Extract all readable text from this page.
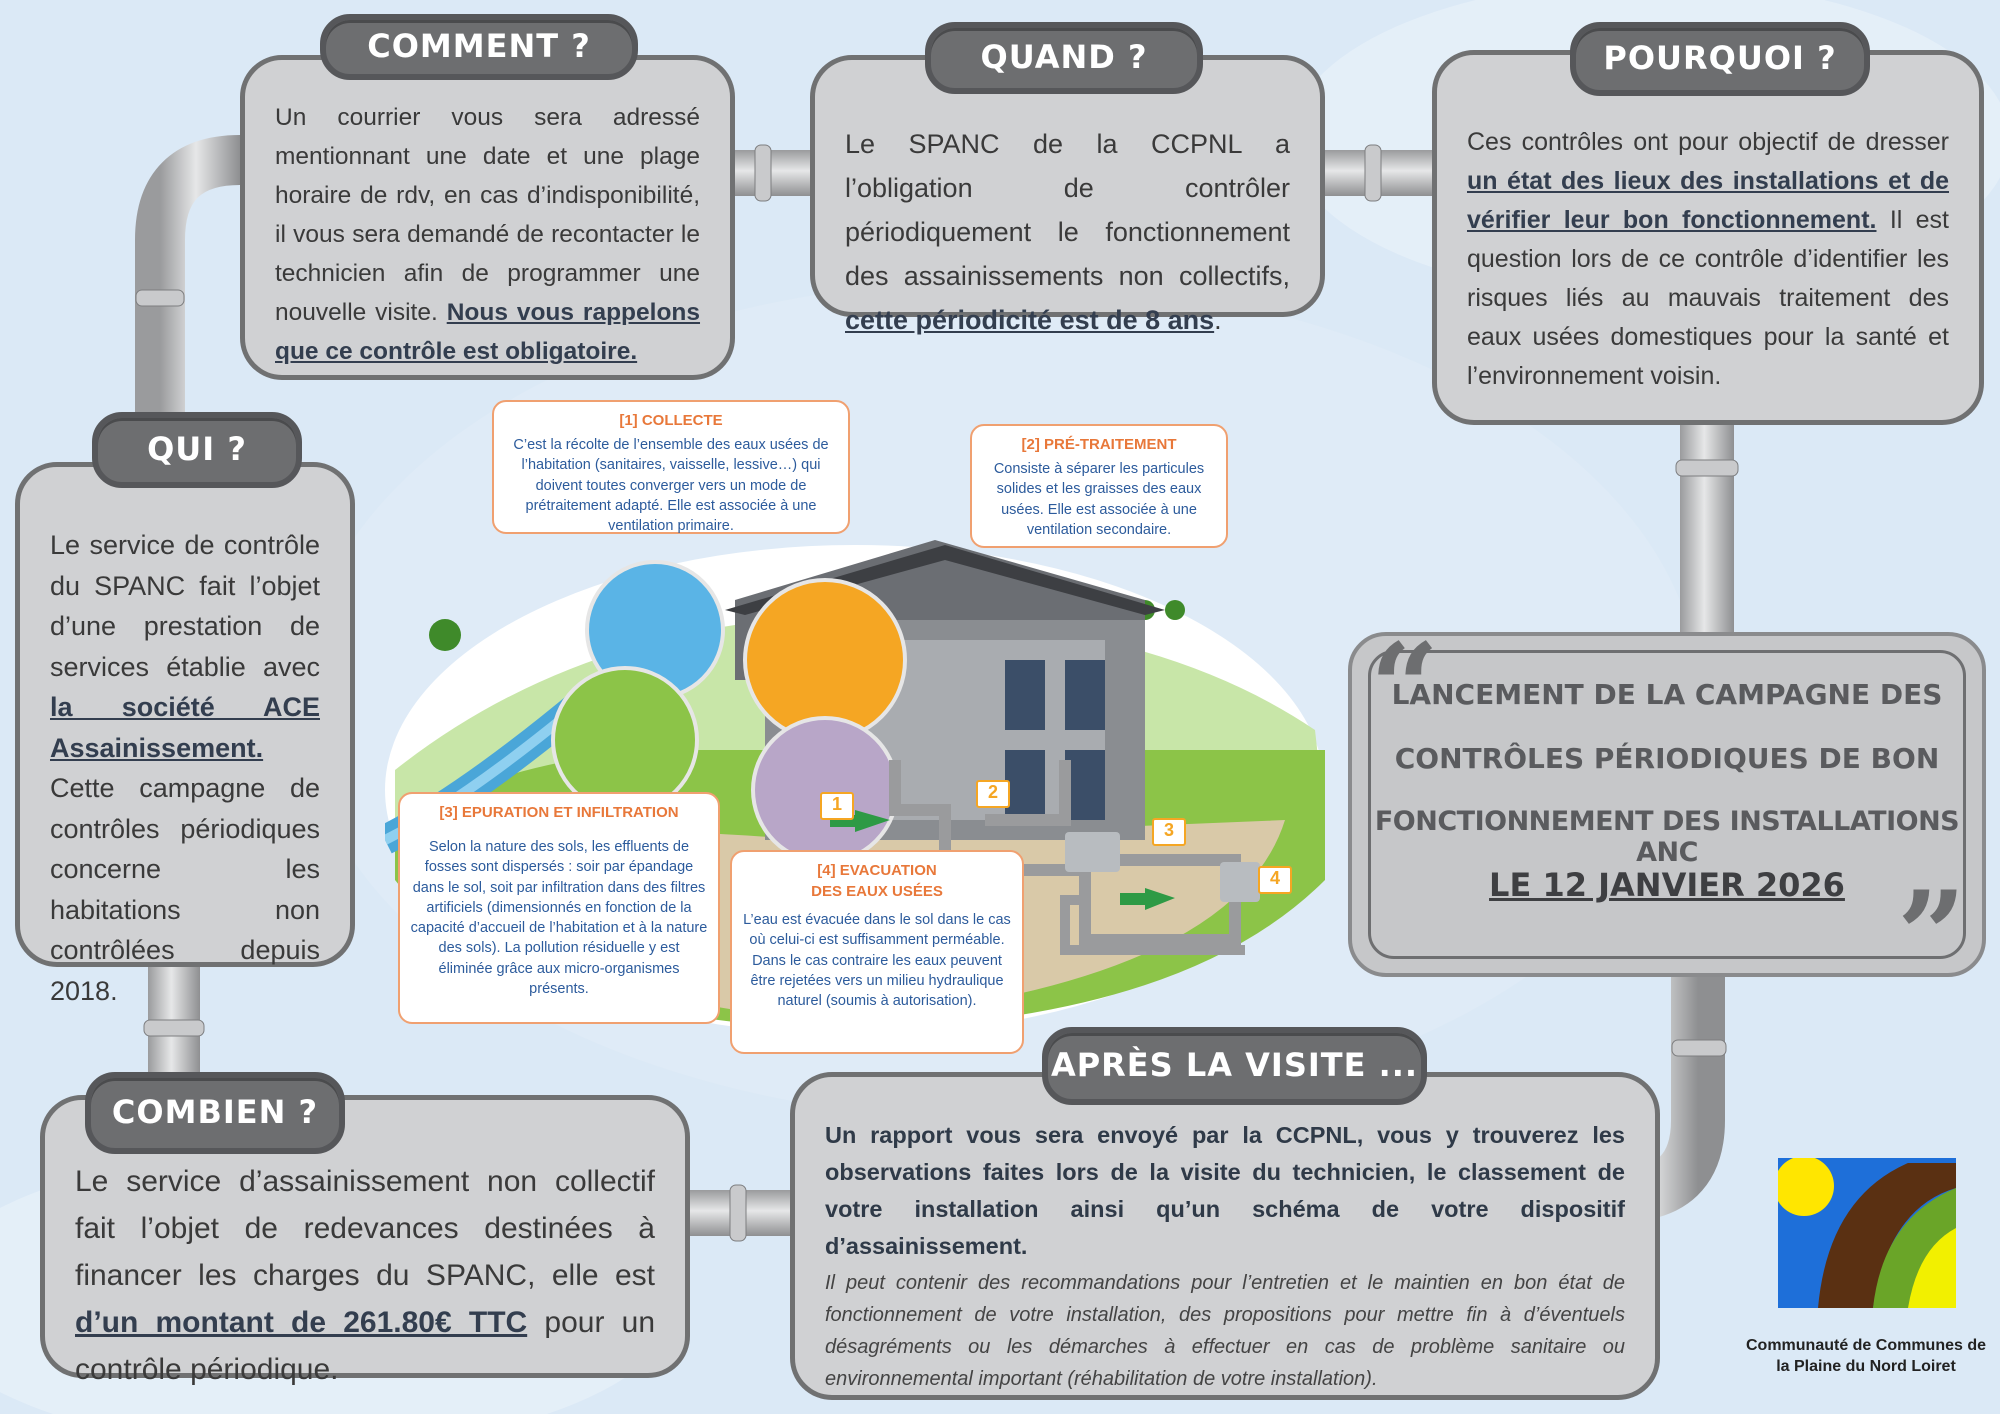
1
2
3
4

Un courrier vous sera adressé mentionnant une date et une plage horaire de rdv, en cas d’indisponibilité, il vous sera demandé de recontacter le technicien afin de programmer une nouvelle visite. Nous vous rappelons que ce contrôle est obligatoire.

COMMENT ?

Le SPANC de la CCPNL a l’obligation de contrôler périodiquement le fonctionnement des assainissements non collectifs, cette périodicité est de 8 ans.

QUAND ?

Ces contrôles ont pour objectif de dresser un état des lieux des installations et de vérifier leur bon fonctionnement. Il est question lors de ce contrôle d’identifier les risques liés au mauvais traitement des eaux usées domestiques pour la santé et l’environnement voisin.

POURQUOI ?

Le service de contrôle du SPANC fait l’objet d’une prestation de services établie avec la société ACE Assainissement. Cette campagne de contrôles périodiques concerne les habitations non contrôlées depuis 2018.

QUI ?

Le service d’assainissement non collectif fait l’objet de redevances destinées à financer les charges du SPANC, elle est d’un montant de 261.80€ TTC pour un contrôle périodique.

COMBIEN ?

Un rapport vous sera envoyé par la CCPNL, vous y trouverez les observations faites lors de la visite du technicien, le classement de votre installation ainsi qu’un schéma de votre dispositif d’assainissement.

Il peut contenir des recommandations pour l’entretien et le maintien en bon état de fonctionnement de votre installation, des propositions pour mettre fin à d’éventuels désagréments ou les démarches à effectuer en cas de problème sanitaire ou environnemental important (réhabilitation de votre installation).

APRÈS LA VISITE ...
“
”
LANCEMENT DE LA CAMPAGNE DES
CONTRÔLES PÉRIODIQUES DE BON
FONCTIONNEMENT DES INSTALLATIONS ANC
LE 12 JANVIER 2026
[1] COLLECTE
C’est la récolte de l’ensemble des eaux usées de l’habitation (sanitaires, vaisselle, lessive…) qui doivent toutes converger vers un mode de prétraitement adapté. Elle est associée à une ventilation primaire.
[2] PRÉ-TRAITEMENT
Consiste à séparer les particules solides et les graisses des eaux usées. Elle est associée à une ventilation secondaire.
[3] EPURATION ET INFILTRATION
Selon la nature des sols, les effluents de fosses sont dispersés : soir par épandage dans le sol, soit par infiltration dans des filtres artificiels (dimensionnés en fonction de la capacité d’accueil de l’habitation et à la nature des sols). La pollution résiduelle y est éliminée grâce aux micro-organismes présents.
[4] EVACUATION
DES EAUX USÉES
L’eau est évacuée dans le sol dans le cas où celui-ci est suffisamment perméable. Dans le cas contraire les eaux peuvent être rejetées vers un milieu hydraulique naturel (soumis à autorisation).
Communauté de Communes de
la Plaine du Nord Loiret
